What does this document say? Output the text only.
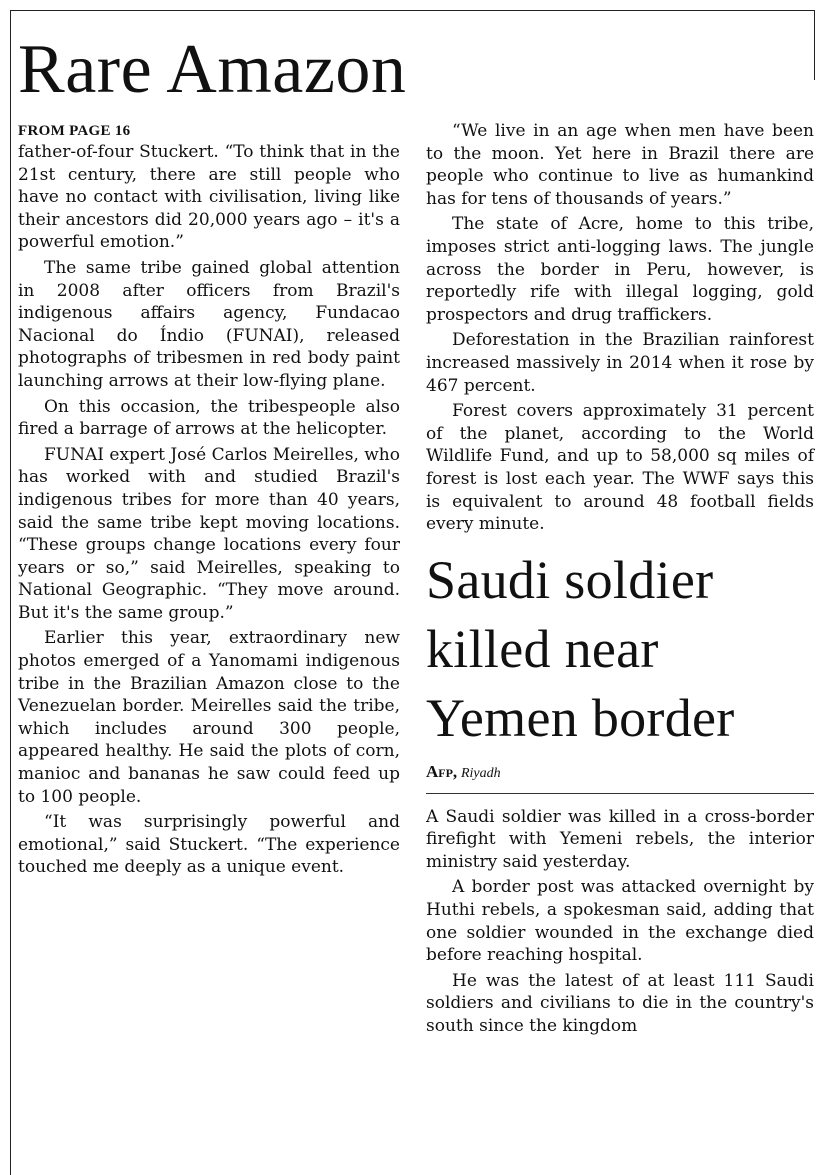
Rare Amazon
FROM PAGE 16

father-of-four Stuckert. “To think that in the 21st century, there are still people who have no contact with civilisation, living like their ancestors did 20,000 years ago – it's a powerful emotion.”

The same tribe gained global attention in 2008 after officers from Brazil's indigenous affairs agency, Fundacao Nacional do Índio (FUNAI), released photographs of tribesmen in red body paint launching arrows at their low-flying plane.

On this occasion, the tribespeople also fired a barrage of arrows at the helicopter.

FUNAI expert José Carlos Meirelles, who has worked with and studied Brazil's indigenous tribes for more than 40 years, said the same tribe kept moving locations. “These groups change locations every four years or so,” said Meirelles, speaking to National Geographic. “They move around. But it's the same group.”

Earlier this year, extraordinary new photos emerged of a Yanomami indigenous tribe in the Brazilian Amazon close to the Venezuelan border. Meirelles said the tribe, which includes around 300 people, appeared healthy. He said the plots of corn, manioc and bananas he saw could feed up to 100 people.

“It was surprisingly powerful and emotional,” said Stuckert. “The experience touched me deeply as a unique event.

“We live in an age when men have been to the moon. Yet here in Brazil there are people who continue to live as humankind has for tens of thousands of years.”

The state of Acre, home to this tribe, imposes strict anti-logging laws. The jungle across the border in Peru, however, is reportedly rife with illegal logging, gold prospectors and drug traffickers.

Deforestation in the Brazilian rainforest increased massively in 2014 when it rose by 467 percent.

Forest covers approximately 31 percent of the planet, according to the World Wildlife Fund, and up to 58,000 sq miles of forest is lost each year. The WWF says this is equivalent to around 48 football fields every minute.

Saudi soldier
killed near
Yemen border
Afp, Riyadh

A Saudi soldier was killed in a cross-border firefight with Yemeni rebels, the interior ministry said yesterday.

A border post was attacked overnight by Huthi rebels, a spokesman said, adding that one soldier wounded in the exchange died before reaching hospital.

He was the latest of at least 111 Saudi soldiers and civilians to die in the country's south since the kingdom
